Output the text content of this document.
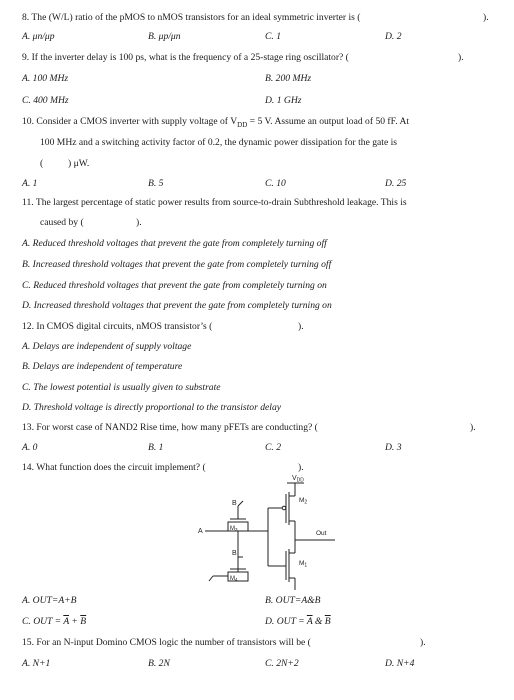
8. The (W/L) ratio of the pMOS to nMOS transistors for an ideal symmetric inverter is (	).
A. μn/μp	B. μp/μn	C. 1	D. 2
9. If the inverter delay is 100 ps, what is the frequency of a 25-stage ring oscillator? (	).
A. 100 MHz	B. 200 MHz
C. 400 MHz	D. 1 GHz
10. Consider a CMOS inverter with supply voltage of $V_{DD} = 5$ V. Assume an output load of 50 fF. At
100 MHz and a switching activity factor of 0.2, the dynamic power dissipation for the gate is
(	) μW.
A. 1	B. 5	C. 10	D. 25
11. The largest percentage of static power results from source-to-drain Subthreshold leakage. This is
caused by (	).
A. Reduced threshold voltages that prevent the gate from completely turning off
B. Increased threshold voltages that prevent the gate from completely turning off
C. Reduced threshold voltages that prevent the gate from completely turning on
D. Increased threshold voltages that prevent the gate from completely turning on
12. In CMOS digital circuits, nMOS transistor’s (	).
A. Delays are independent of supply voltage
B. Delays are independent of temperature
C. The lowest potential is usually given to substrate
D. Threshold voltage is directly proportional to the transistor delay
13. For worst case of NAND2 Rise time, how many pFETs are conducting? (	).
A. 0	B. 1	C. 2	D. 3
14. What function does the circuit implement? (	).
$V_{DD}$
$M_2$
$M_1$
M3
M4
Out
A
B
B
A. OUT=A+B	B. OUT=A&B
C. OUT = $\overline{A} + \overline{B}$	D. OUT = $\overline{A}$ & $\overline{B}$
15. For an N-input Domino CMOS logic the number of transistors will be (	).
A. N+1	B. 2N	C. 2N+2	D. N+4
